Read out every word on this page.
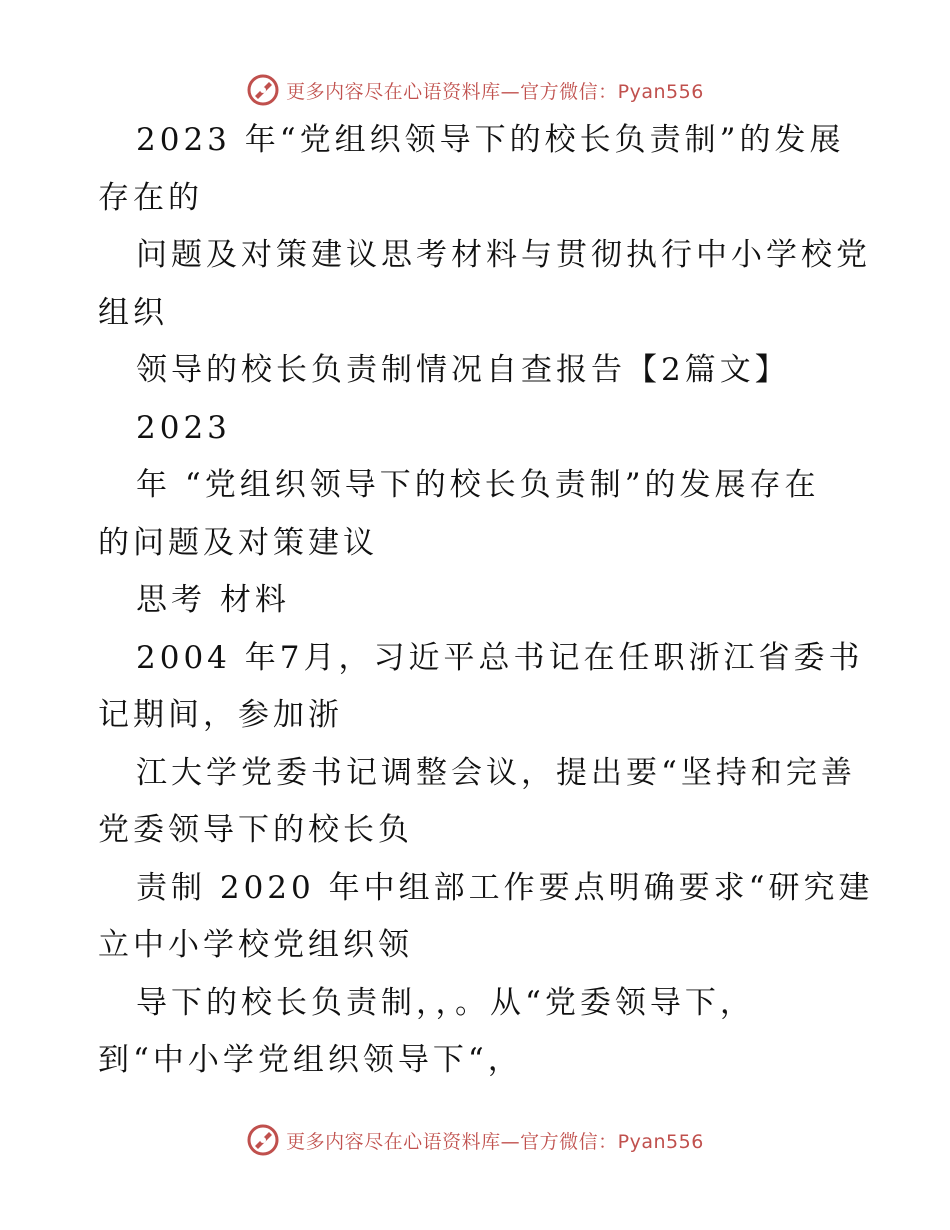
更多内容尽在心语资料库—官方微信：Pyan556
2023 年“党组织领导下的校长负责制”的发展
存在的
问题及对策建议思考材料与贯彻执行中小学校党
组织
领导的校长负责制情况自查报告【2篇文】
2023
年 “党组织领导下的校长负责制”的发展存在
的问题及对策建议
思考 材料
2004 年7月，习近平总书记在任职浙江省委书
记期间，参加浙
江大学党委书记调整会议，提出要“坚持和完善
党委领导下的校长负
责制 2020 年中组部工作要点明确要求“研究建
立中小学校党组织领
导下的校长负责制，，。从“党委领导下，
到“中小学党组织领导下“，
更多内容尽在心语资料库—官方微信：Pyan556
